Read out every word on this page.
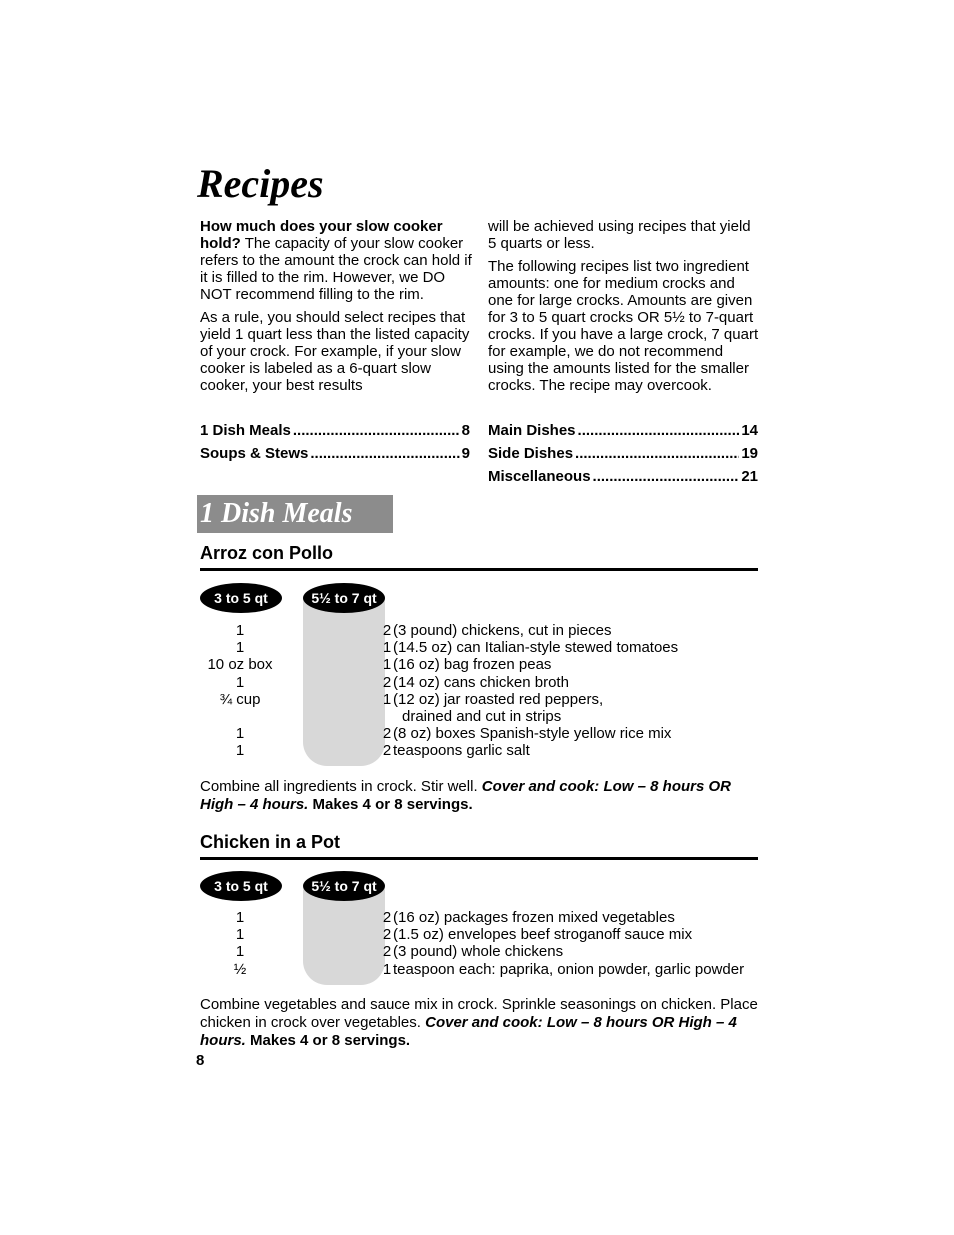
Recipes

How much does your slow cooker hold? The capacity of your slow cooker refers to the amount the crock can hold if it is filled to the rim. However, we DO NOT recommend filling to the rim.

As a rule, you should select recipes that yield 1 quart less than the listed capacity of your crock. For example, if your slow cooker is labeled as a 6-quart slow cooker, your best results

will be achieved using recipes that yield 5 quarts or less.

The following recipes list two ingredient amounts: one for medium crocks and one for large crocks. Amounts are given for 3 to 5 quart crocks OR 5½ to 7-quart crocks. If you have a large crock, 7 quart for example, we do not recommend using the amounts listed for the smaller crocks. The recipe may overcook.

1 Dish Meals .....	8
Soups & Stews .....	9
Main Dishes .....	14
Side Dishes .....	19
Miscellaneous .....	21
1 Dish Meals
Arroz con Pollo
3 to 5 qt	5½ to 7 qt
1	2 (3 pound) chickens, cut in pieces
1	1 (14.5 oz) can Italian-style stewed tomatoes
10 oz box	1 (16 oz) bag frozen peas
1	2 (14 oz) cans chicken broth
¾ cup	1 (12 oz) jar roasted red peppers,
drained and cut in strips
1	2 (8 oz) boxes Spanish-style yellow rice mix
1	2 teaspoons garlic salt

Combine all ingredients in crock. Stir well. Cover and cook: Low – 8 hours OR High – 4 hours. Makes 4 or 8 servings.

Chicken in a Pot
3 to 5 qt	5½ to 7 qt
1	2 (16 oz) packages frozen mixed vegetables
1	2 (1.5 oz) envelopes beef stroganoff sauce mix
1	2 (3 pound) whole chickens
½	1 teaspoon each: paprika, onion powder, garlic powder

Combine vegetables and sauce mix in crock. Sprinkle seasonings on chicken. Place chicken in crock over vegetables. Cover and cook: Low – 8 hours OR High – 4 hours. Makes 4 or 8 servings.

8
